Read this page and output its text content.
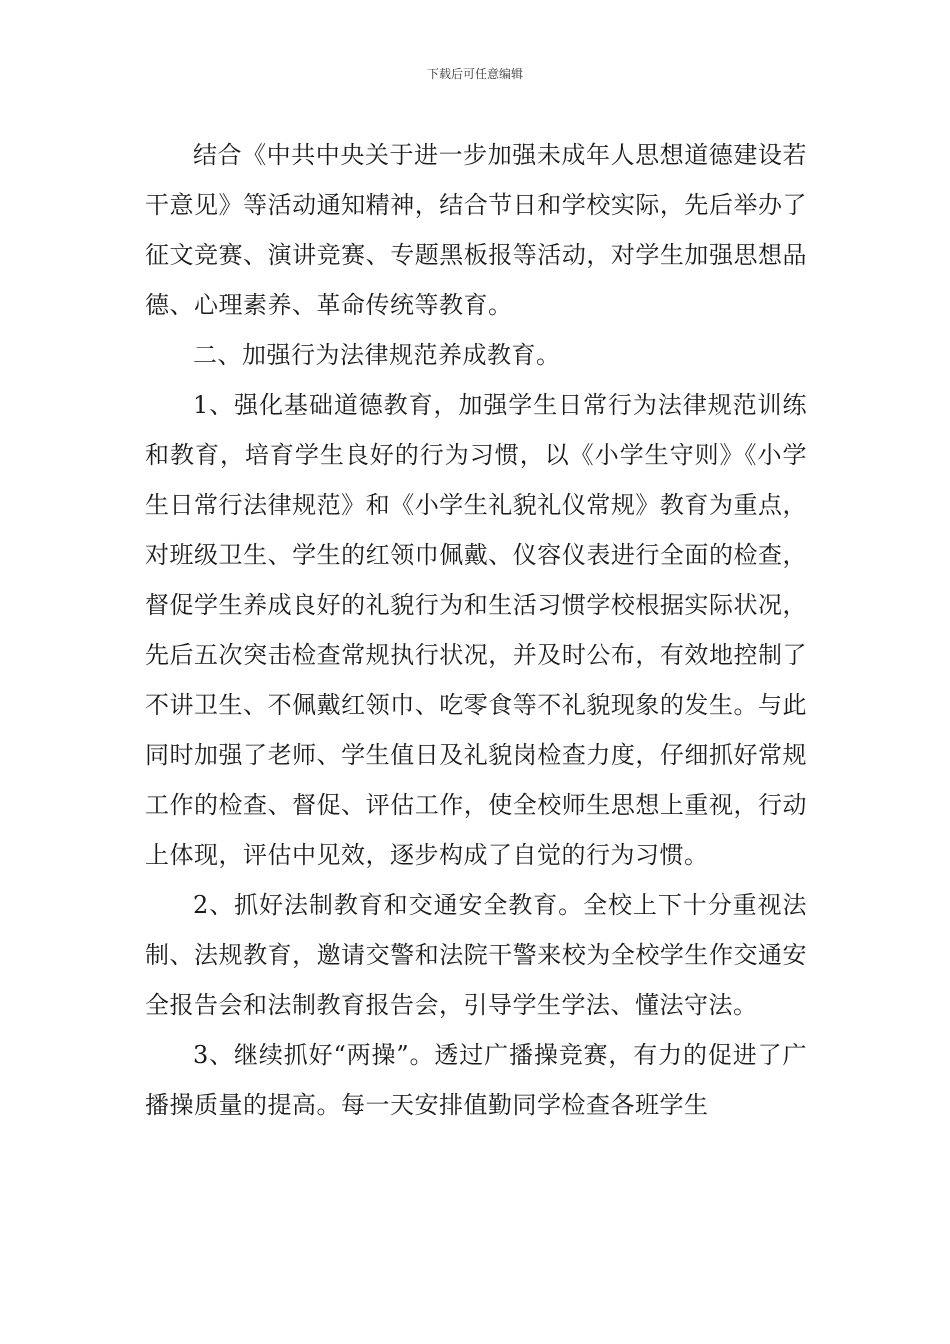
下载后可任意编辑

结合《中共中央关于进一步加强未成年人思想道德建设若干意见》等活动通知精神，结合节日和学校实际，先后举办了征文竞赛、演讲竞赛、专题黑板报等活动，对学生加强思想品德、心理素养、革命传统等教育。

二、加强行为法律规范养成教育。

1、强化基础道德教育，加强学生日常行为法律规范训练和教育，培育学生良好的行为习惯，以《小学生守则》《小学生日常行法律规范》和《小学生礼貌礼仪常规》教育为重点，对班级卫生、学生的红领巾佩戴、仪容仪表进行全面的检查，督促学生养成良好的礼貌行为和生活习惯学校根据实际状况，先后五次突击检查常规执行状况，并及时公布，有效地控制了不讲卫生、不佩戴红领巾、吃零食等不礼貌现象的发生。与此同时加强了老师、学生值日及礼貌岗检查力度，仔细抓好常规工作的检查、督促、评估工作，使全校师生思想上重视，行动上体现，评估中见效，逐步构成了自觉的行为习惯。

2、抓好法制教育和交通安全教育。全校上下十分重视法制、法规教育，邀请交警和法院干警来校为全校学生作交通安全报告会和法制教育报告会，引导学生学法、懂法守法。

3、继续抓好“两操”。透过广播操竞赛，有力的促进了广播操质量的提高。每一天安排值勤同学检查各班学生
